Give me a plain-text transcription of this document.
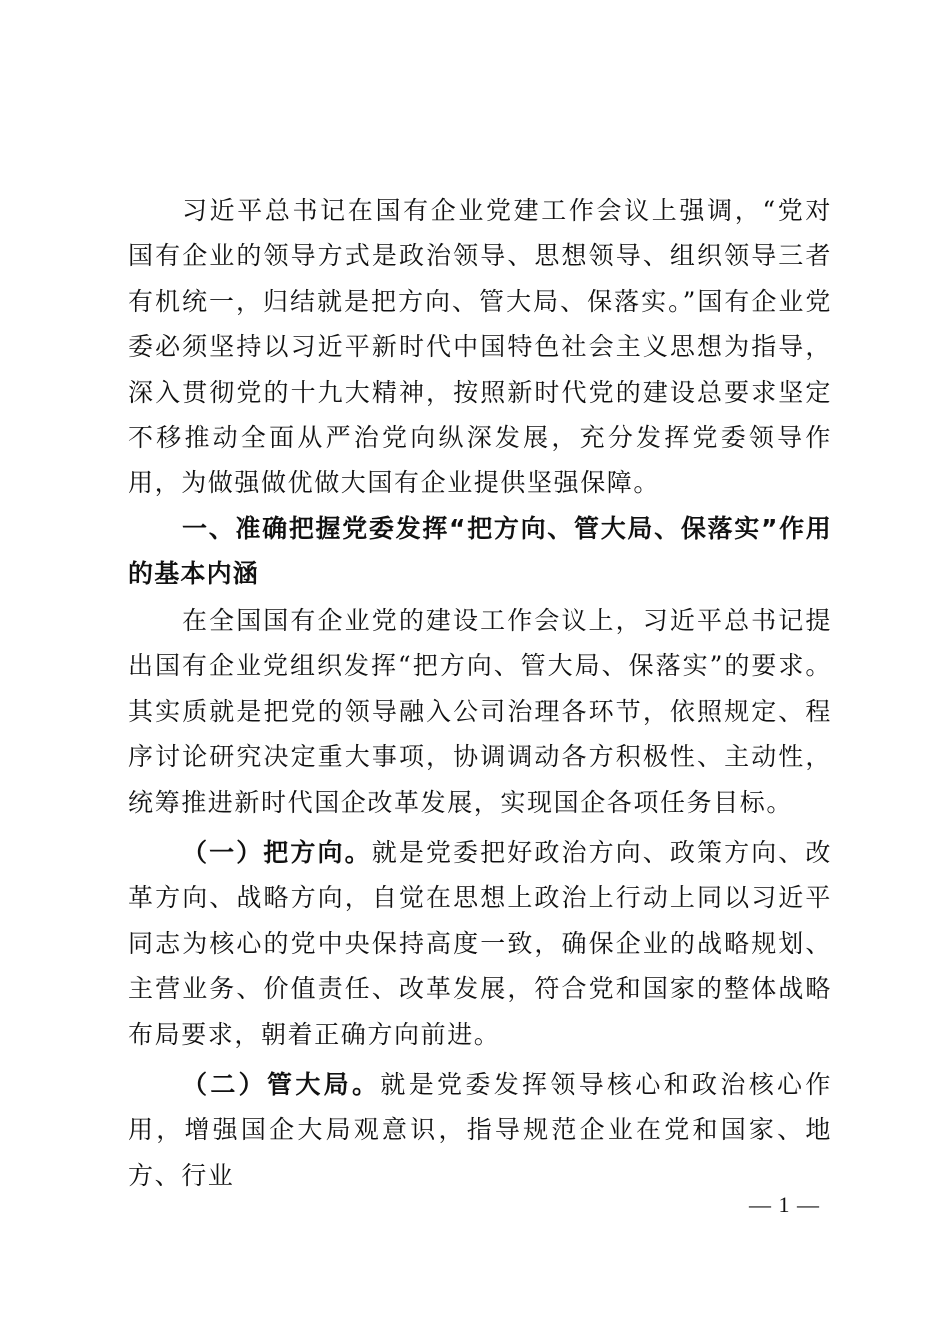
习近平总书记在国有企业党建工作会议上强调，“党对国有企业的领导方式是政治领导、思想领导、组织领导三者有机统一，归结就是把方向、管大局、保落实。”国有企业党委必须坚持以习近平新时代中国特色社会主义思想为指导，深入贯彻党的十九大精神，按照新时代党的建设总要求坚定不移推动全面从严治党向纵深发展，充分发挥党委领导作用，为做强做优做大国有企业提供坚强保障。

一、准确把握党委发挥“把方向、管大局、保落实”作用的基本内涵

在全国国有企业党的建设工作会议上，习近平总书记提出国有企业党组织发挥“把方向、管大局、保落实”的要求。其实质就是把党的领导融入公司治理各环节，依照规定、程序讨论研究决定重大事项，协调调动各方积极性、主动性，统筹推进新时代国企改革发展，实现国企各项任务目标。

（一）把方向。就是党委把好政治方向、政策方向、改革方向、战略方向，自觉在思想上政治上行动上同以习近平同志为核心的党中央保持高度一致，确保企业的战略规划、主营业务、价值责任、改革发展，符合党和国家的整体战略布局要求，朝着正确方向前进。

（二）管大局。就是党委发挥领导核心和政治核心作用，增强国企大局观意识，指导规范企业在党和国家、地方、行业

— 1 —
